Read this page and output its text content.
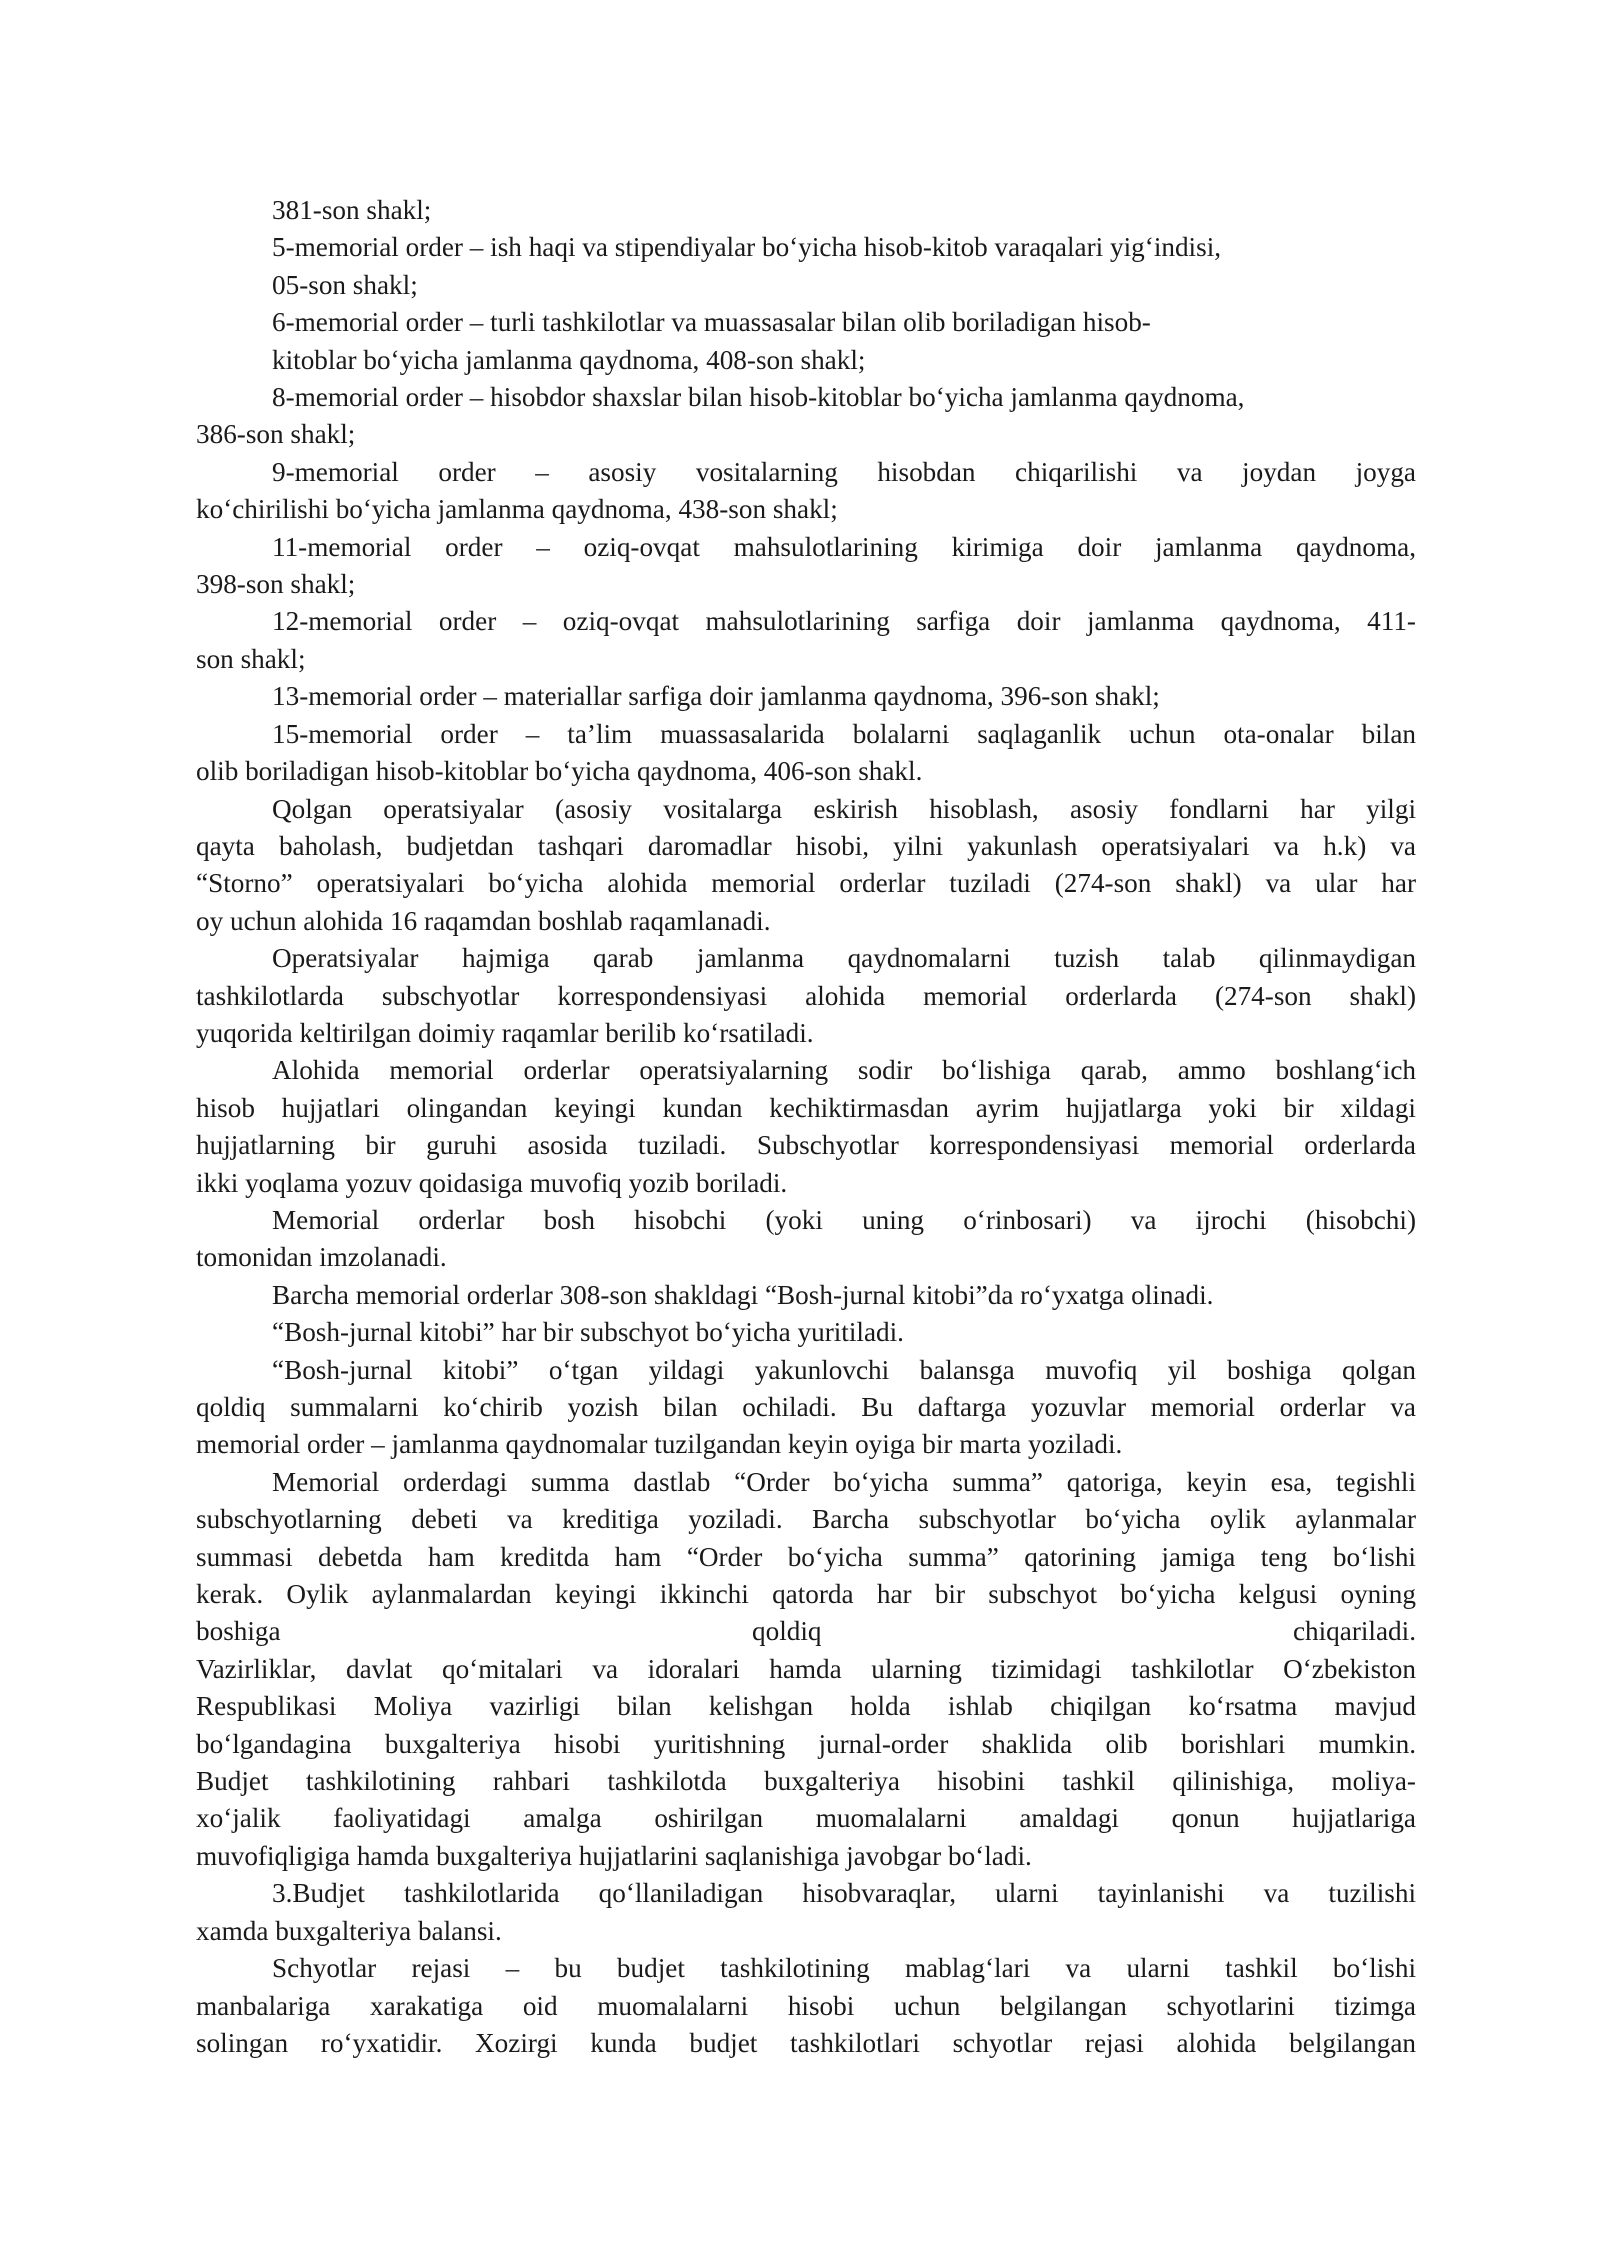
381-son shakl;
5-memorial order – ish haqi va stipendiyalar bo‘yicha hisob-kitob varaqalari yig‘indisi,
05-son shakl;
6-memorial order – turli tashkilotlar va muassasalar bilan olib boriladigan hisob-
kitoblar bo‘yicha jamlanma qaydnoma, 408-son shakl;
8-memorial order – hisobdor shaxslar bilan hisob-kitoblar bo‘yicha jamlanma qaydnoma,
386-son shakl;
9-memorial order – asosiy vositalarning hisobdan chiqarilishi va joydan joyga
ko‘chirilishi bo‘yicha jamlanma qaydnoma, 438-son shakl;
11-memorial order – oziq-ovqat mahsulotlarining kirimiga doir jamlanma qaydnoma,
398-son shakl;
12-memorial order – oziq-ovqat mahsulotlarining sarfiga doir jamlanma qaydnoma, 411-
son shakl;
13-memorial order – materiallar sarfiga doir jamlanma qaydnoma, 396-son shakl;
15-memorial order – ta’lim muassasalarida bolalarni saqlaganlik uchun ota-onalar bilan
olib boriladigan hisob-kitoblar bo‘yicha qaydnoma, 406-son shakl.
Qolgan operatsiyalar (asosiy vositalarga eskirish hisoblash, asosiy fondlarni har yilgi
qayta baholash, budjetdan tashqari daromadlar hisobi, yilni yakunlash operatsiyalari va h.k) va
“Storno” operatsiyalari bo‘yicha alohida memorial orderlar tuziladi (274-son shakl) va ular har
oy uchun alohida 16 raqamdan boshlab raqamlanadi.
Operatsiyalar hajmiga qarab jamlanma qaydnomalarni tuzish talab qilinmaydigan
tashkilotlarda subschyotlar korrespondensiyasi alohida memorial orderlarda (274-son shakl)
yuqorida keltirilgan doimiy raqamlar berilib ko‘rsatiladi.
Alohida memorial orderlar operatsiyalarning sodir bo‘lishiga qarab, ammo boshlang‘ich
hisob hujjatlari olingandan keyingi kundan kechiktirmasdan ayrim hujjatlarga yoki bir xildagi
hujjatlarning bir guruhi asosida tuziladi. Subschyotlar korrespondensiyasi memorial orderlarda
ikki yoqlama yozuv qoidasiga muvofiq yozib boriladi.
Memorial orderlar bosh hisobchi (yoki uning o‘rinbosari) va ijrochi (hisobchi)
tomonidan imzolanadi.
Barcha memorial orderlar 308-son shakldagi “Bosh-jurnal kitobi”da ro‘yxatga olinadi.
“Bosh-jurnal kitobi” har bir subschyot bo‘yicha yuritiladi.
“Bosh-jurnal kitobi” o‘tgan yildagi yakunlovchi balansga muvofiq yil boshiga qolgan
qoldiq summalarni ko‘chirib yozish bilan ochiladi. Bu daftarga yozuvlar memorial orderlar va
memorial order – jamlanma qaydnomalar tuzilgandan keyin oyiga bir marta yoziladi.
Memorial orderdagi summa dastlab “Order bo‘yicha summa” qatoriga, keyin esa, tegishli
subschyotlarning debeti va kreditiga yoziladi. Barcha subschyotlar bo‘yicha oylik aylanmalar
summasi debetda ham kreditda ham “Order bo‘yicha summa” qatorining jamiga teng bo‘lishi
kerak. Oylik aylanmalardan keyingi ikkinchi qatorda har bir subschyot bo‘yicha kelgusi oyning
boshiga qoldiq chiqariladi.
Vazirliklar, davlat qo‘mitalari va idoralari hamda ularning tizimidagi tashkilotlar O‘zbekiston
Respublikasi Moliya vazirligi bilan kelishgan holda ishlab chiqilgan ko‘rsatma mavjud
bo‘lgandagina buxgalteriya hisobi yuritishning jurnal-order shaklida olib borishlari mumkin.
Budjet tashkilotining rahbari tashkilotda buxgalteriya hisobini tashkil qilinishiga, moliya-
xo‘jalik faoliyatidagi amalga oshirilgan muomalalarni amaldagi qonun hujjatlariga
muvofiqligiga hamda buxgalteriya hujjatlarini saqlanishiga javobgar bo‘ladi.
3.Budjet tashkilotlarida qo‘llaniladigan hisobvaraqlar, ularni tayinlanishi va tuzilishi
xamda buxgalteriya balansi.
Schyotlar rejasi – bu budjet tashkilotining mablag‘lari va ularni tashkil bo‘lishi
manbalariga xarakatiga oid muomalalarni hisobi uchun belgilangan schyotlarini tizimga
solingan ro‘yxatidir. Xozirgi kunda budjet tashkilotlari schyotlar rejasi alohida belgilangan
